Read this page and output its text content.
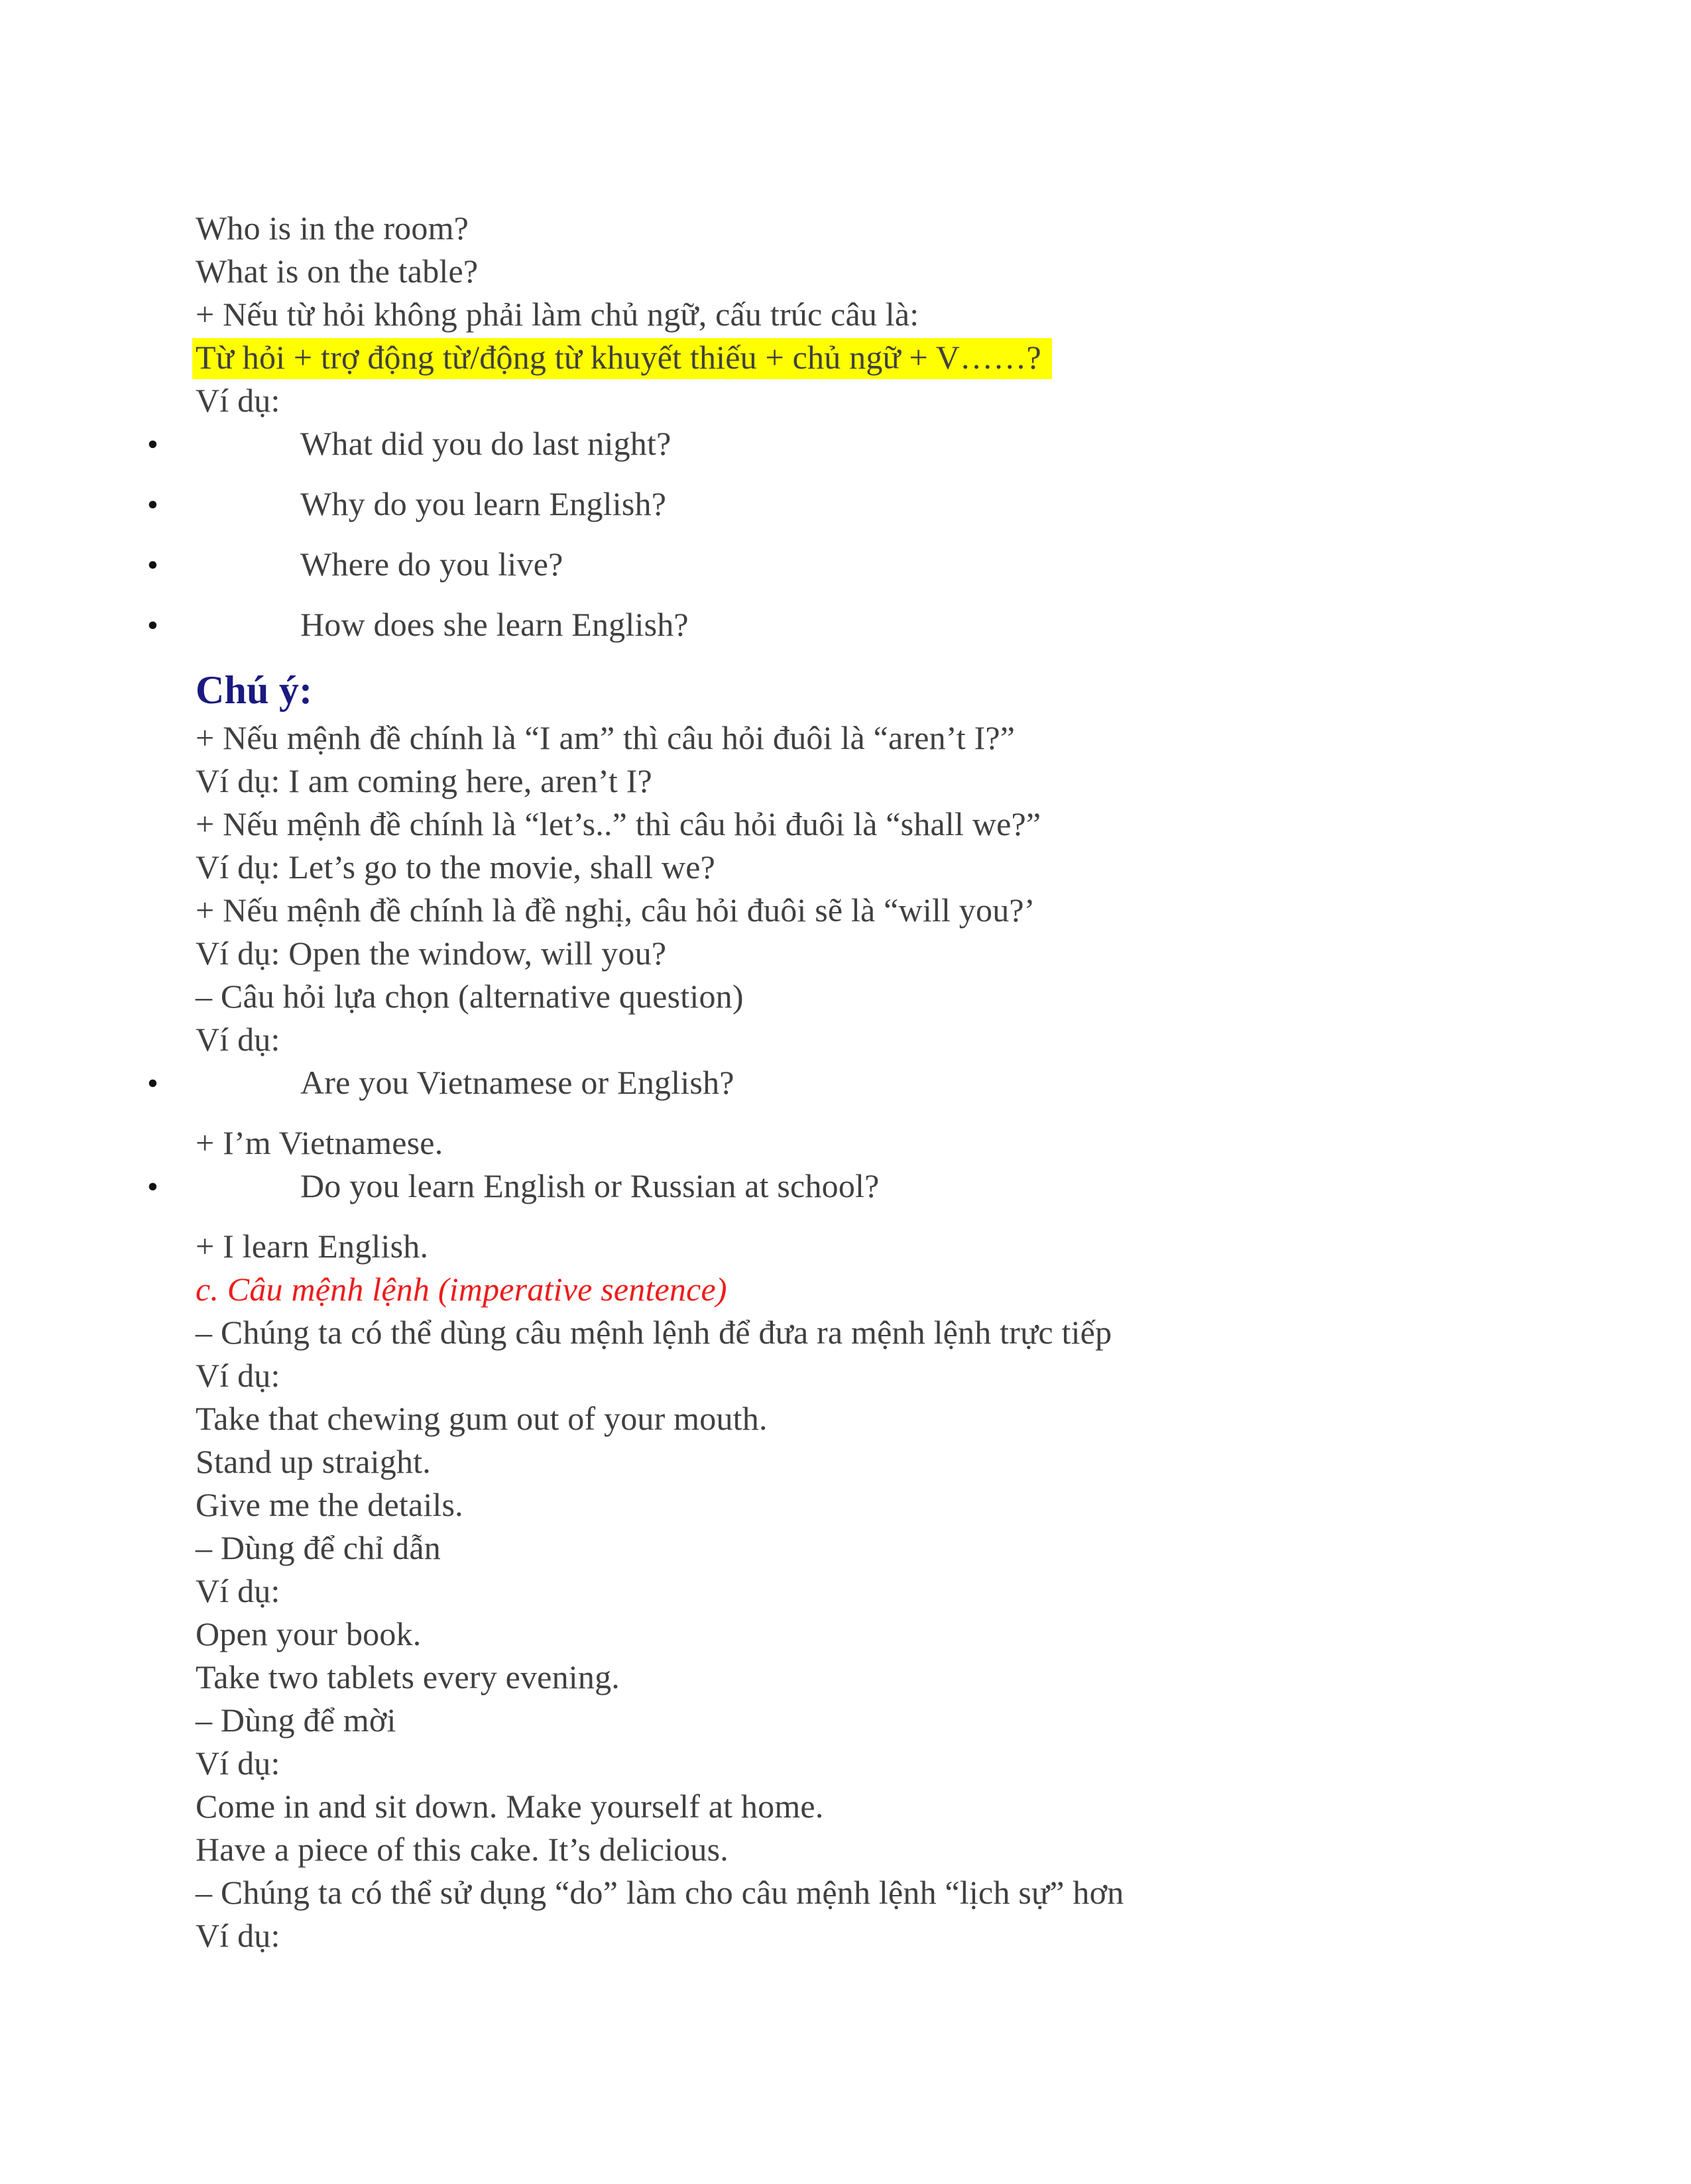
Who is in the room?
What is on the table?
+ Nếu từ hỏi không phải làm chủ ngữ, cấu trúc câu là:
Từ hỏi + trợ động từ/động từ khuyết thiếu + chủ ngữ + V……?
Ví dụ:
• What did you do last night?
• Why do you learn English?
• Where do you live?
• How does she learn English?
Chú ý:
+ Nếu mệnh đề chính là “I am” thì câu hỏi đuôi là “aren’t I?”
Ví dụ: I am coming here, aren’t I?
+ Nếu mệnh đề chính là “let’s..” thì câu hỏi đuôi là “shall we?”
Ví dụ: Let’s go to the movie, shall we?
+ Nếu mệnh đề chính là đề nghị, câu hỏi đuôi sẽ là “will you?’
Ví dụ: Open the window, will you?
– Câu hỏi lựa chọn (alternative question)
Ví dụ:
• Are you Vietnamese or English?
+ I’m Vietnamese.
• Do you learn English or Russian at school?
+ I learn English.
c. Câu mệnh lệnh (imperative sentence)
– Chúng ta có thể dùng câu mệnh lệnh để đưa ra mệnh lệnh trực tiếp
Ví dụ:
Take that chewing gum out of your mouth.
Stand up straight.
Give me the details.
– Dùng để chỉ dẫn
Ví dụ:
Open your book.
Take two tablets every evening.
– Dùng để mời
Ví dụ:
Come in and sit down. Make yourself at home.
Have a piece of this cake. It’s delicious.
– Chúng ta có thể sử dụng “do” làm cho câu mệnh lệnh “lịch sự” hơn
Ví dụ:
